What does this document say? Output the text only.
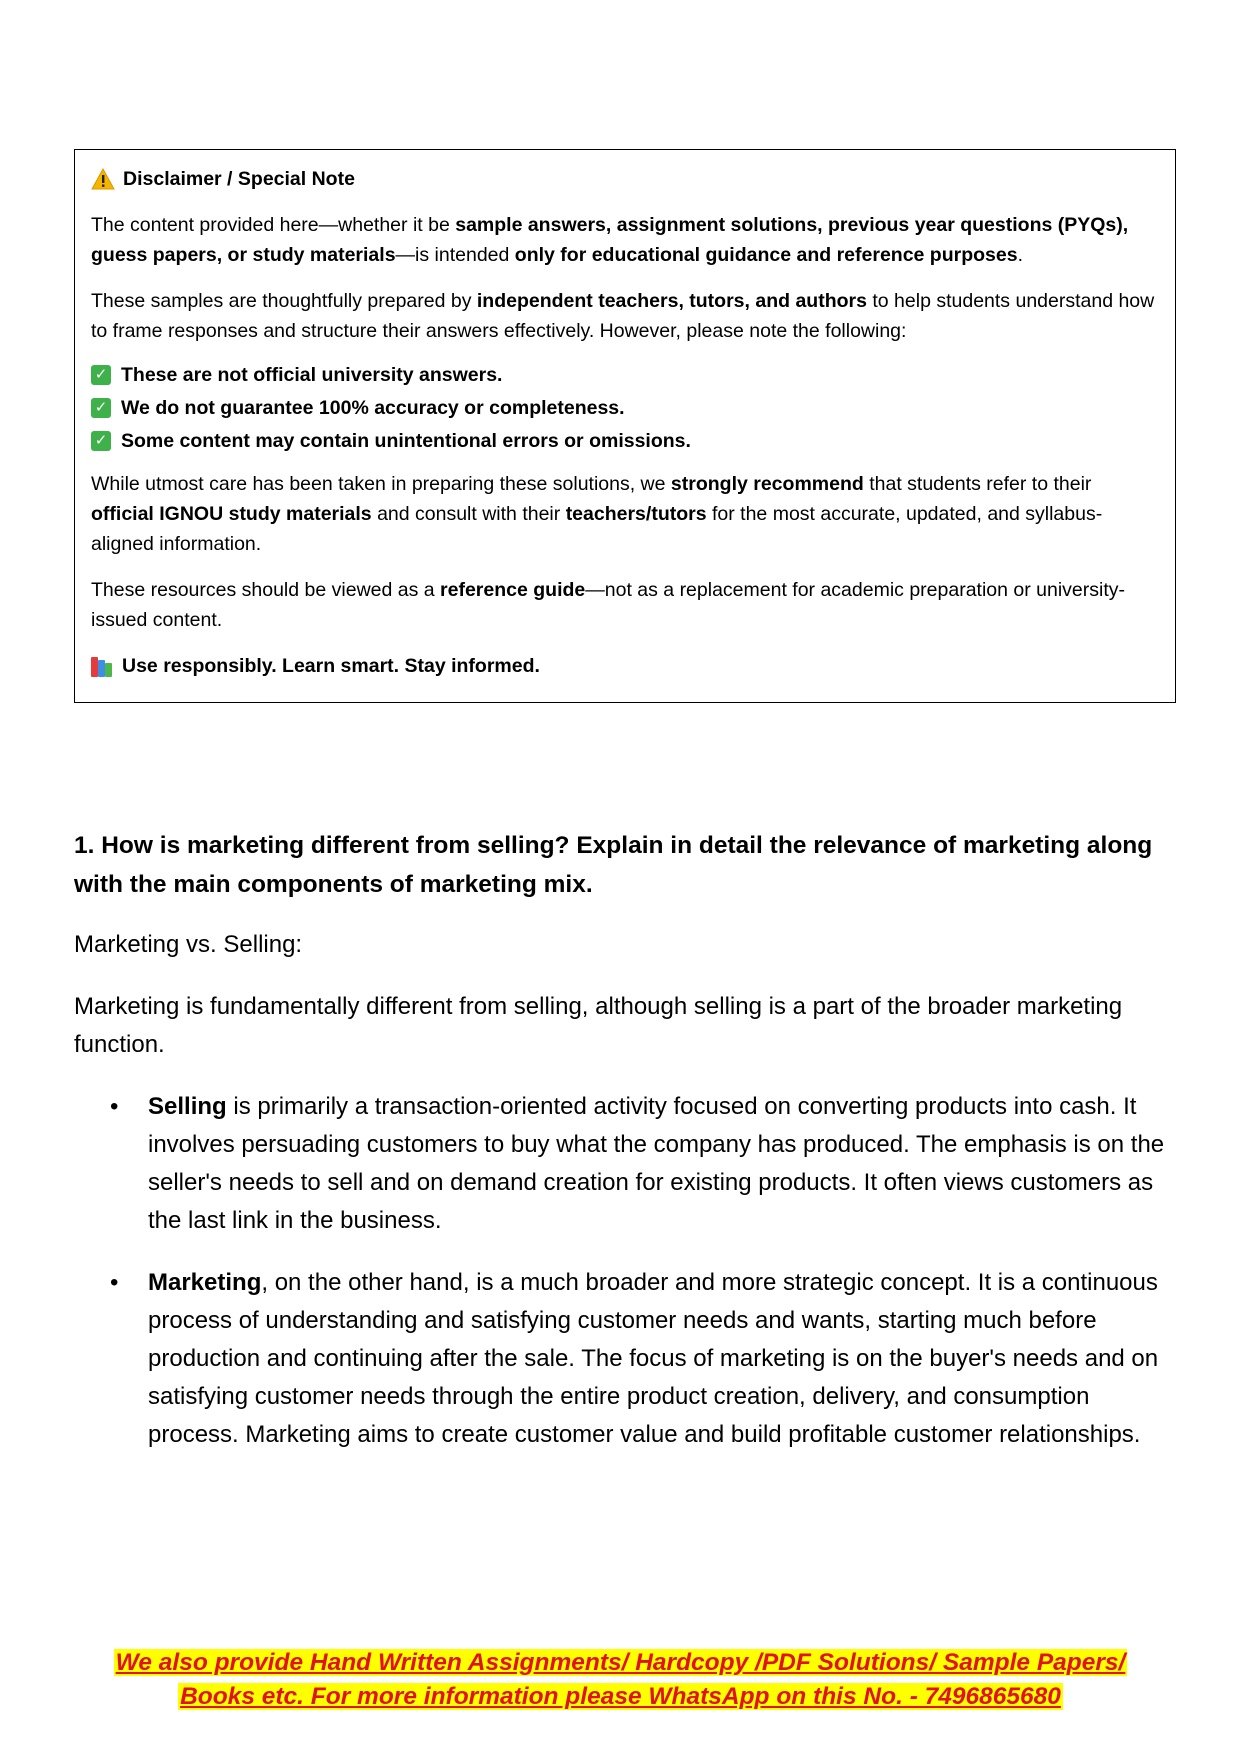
Disclaimer / Special Note

The content provided here—whether it be sample answers, assignment solutions, previous year questions (PYQs), guess papers, or study materials—is intended only for educational guidance and reference purposes.

These samples are thoughtfully prepared by independent teachers, tutors, and authors to help students understand how to frame responses and structure their answers effectively. However, please note the following:

✓ These are not official university answers.
✓ We do not guarantee 100% accuracy or completeness.
✓ Some content may contain unintentional errors or omissions.

While utmost care has been taken in preparing these solutions, we strongly recommend that students refer to their official IGNOU study materials and consult with their teachers/tutors for the most accurate, updated, and syllabus-aligned information.

These resources should be viewed as a reference guide—not as a replacement for academic preparation or university-issued content.

Use responsibly. Learn smart. Stay informed.

1. How is marketing different from selling? Explain in detail the relevance of marketing along with the main components of marketing mix.

Marketing vs. Selling:

Marketing is fundamentally different from selling, although selling is a part of the broader marketing function.

• Selling is primarily a transaction-oriented activity focused on converting products into cash. It involves persuading customers to buy what the company has produced. The emphasis is on the seller's needs to sell and on demand creation for existing products. It often views customers as the last link in the business.
• Marketing, on the other hand, is a much broader and more strategic concept. It is a continuous process of understanding and satisfying customer needs and wants, starting much before production and continuing after the sale. The focus of marketing is on the buyer's needs and on satisfying customer needs through the entire product creation, delivery, and consumption process. Marketing aims to create customer value and build profitable customer relationships.
We also provide Hand Written Assignments/ Hardcopy /PDF Solutions/ Sample Papers/
Books etc. For more information please WhatsApp on this No. - 7496865680
